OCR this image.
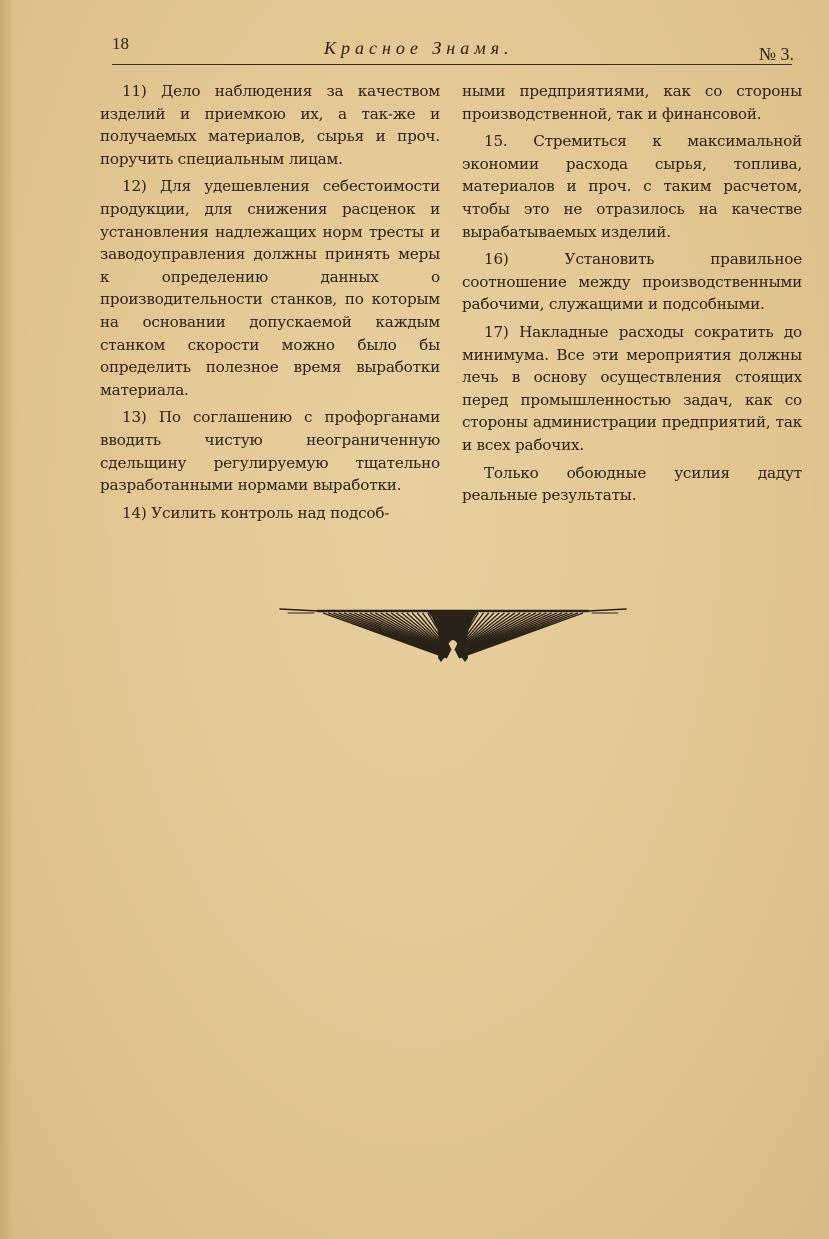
18	Красное Знамя.	№ 3.

11) Дело наблюдения за качеством изделий и приемкою их, а так-же и получаемых материалов, сырья и проч. поручить специальным лицам.

12) Для удешевления себестоимости продукции, для снижения расценок и установления надлежащих норм тресты и заводоуправления должны принять меры к определению данных о производительности станков, по которым на основании допускаемой каждым станком скорости можно было бы определить полезное время выработки материала.

13) По соглашению с профорганами вводить чистую неограниченную сдельщину регулируемую тщательно разработанными нормами выработки.

14) Усилить контроль над подсоб-

ными предприятиями, как со стороны производственной, так и финансовой.

15. Стремиться к максимальной экономии расхода сырья, топлива, материалов и проч. с таким расчетом, чтобы это не отразилось на качестве вырабатываемых изделий.

16) Установить правильное соотношение между производственными рабочими, служащими и подсобными.

17) Накладные расходы сократить до минимума. Все эти мероприятия должны лечь в основу осуществления стоящих перед промышленностью задач, как со стороны администрации предприятий, так и всех рабочих.

Только обоюдные усилия дадут реальные результаты.
